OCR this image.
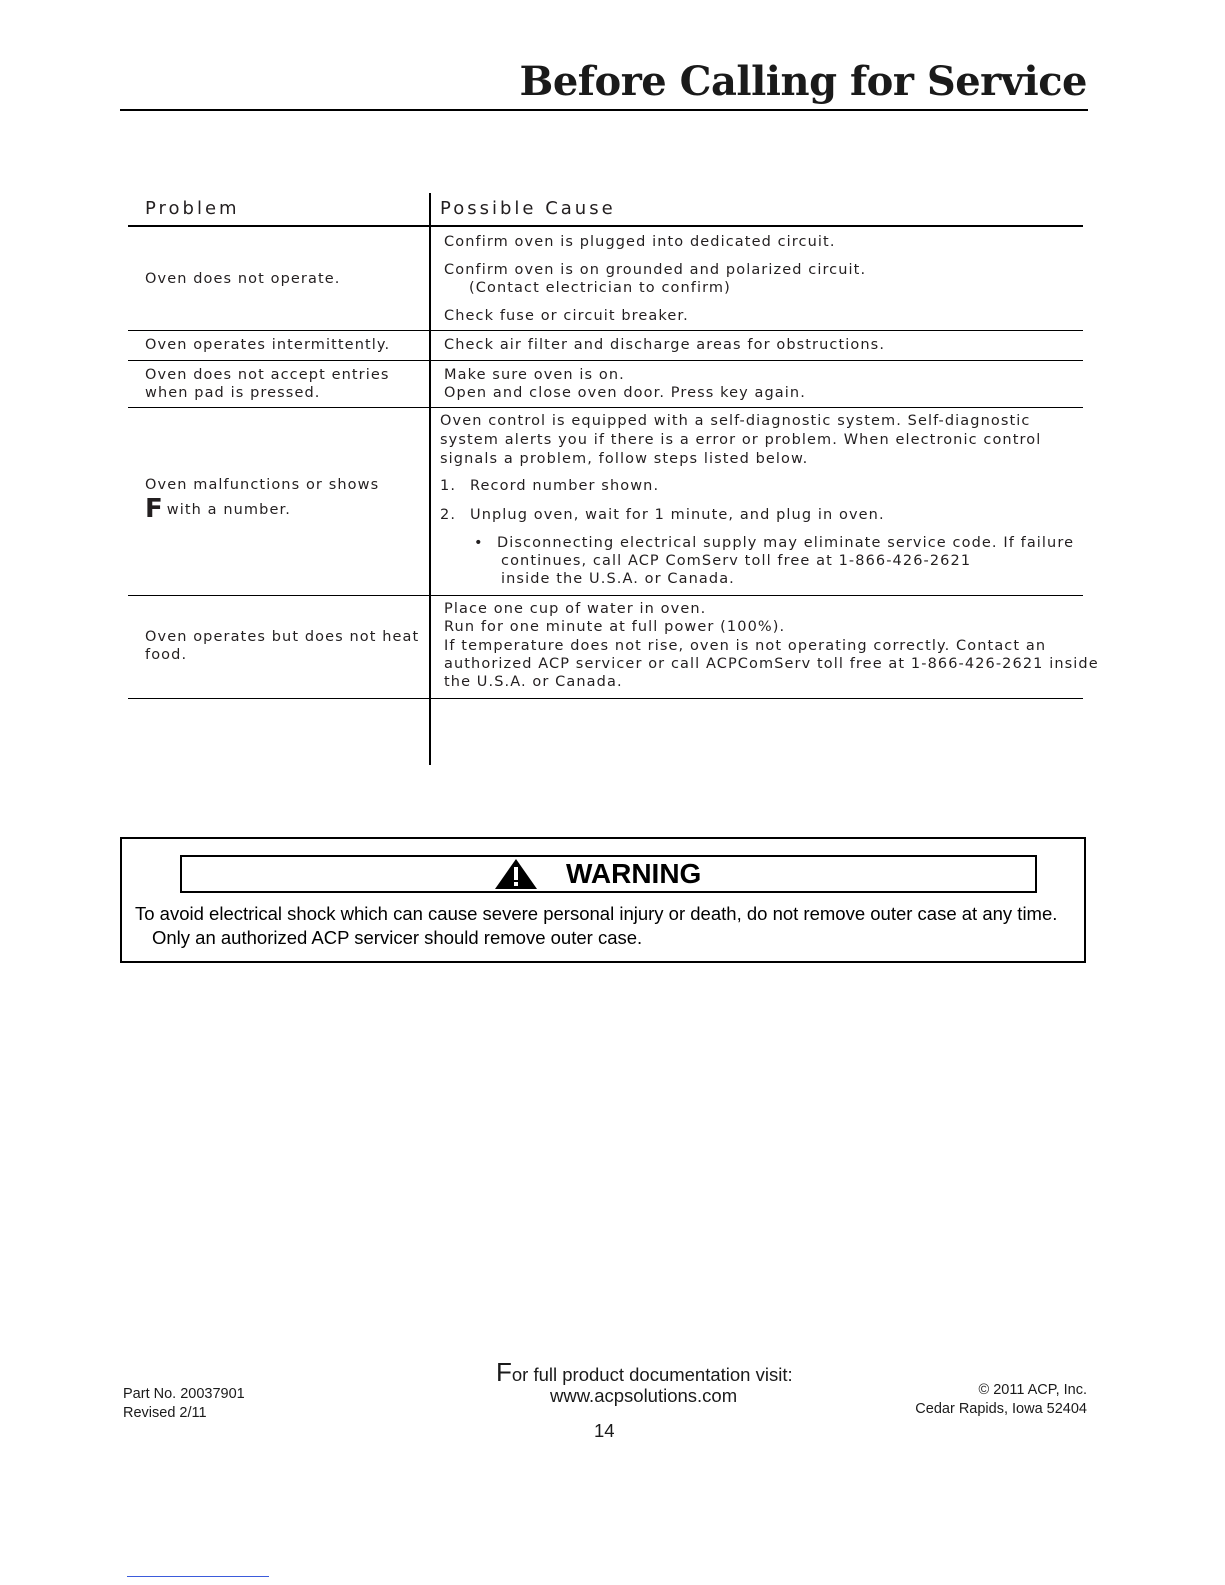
Before Calling for Service
Problem	Possible Cause
Oven does not operate.
Confirm oven is plugged into dedicated circuit.
Confirm oven is on grounded and polarized circuit.
(Contact electrician to confirm)
Check fuse or circuit breaker.
Oven operates intermittently.	Check air filter and discharge areas for obstructions.
Oven does not accept entries
when pad is pressed.
Make sure oven is on.
Open and close oven door. Press key again.
Oven malfunctions or shows
Fwith a number.
Oven control is equipped with a self-diagnostic system. Self-diagnostic
system alerts you if there is a error or problem. When electronic control
signals a problem, follow steps listed below.
1. Record number shown.
2. Unplug oven, wait for 1 minute, and plug in oven.
• Disconnecting electrical supply may eliminate service code. If failure
continues, call ACP ComServ toll free at 1-866-426-2621
inside the U.S.A. or Canada.
Oven operates but does not heat
food.
Place one cup of water in oven.
Run for one minute at full power (100%).
If temperature does not rise, oven is not operating correctly. Contact an
authorized ACP servicer or call ACPComServ toll free at 1-866-426-2621 inside
the U.S.A. or Canada.
WARNING
To avoid electrical shock which can cause severe personal injury or death, do not remove outer case at any time.
Only an authorized ACP servicer should remove outer case.
Part No. 20037901
Revised 2/11
For full product documentation visit:
www.acpsolutions.com
14
© 2011 ACP, Inc.
Cedar Rapids, Iowa 52404
